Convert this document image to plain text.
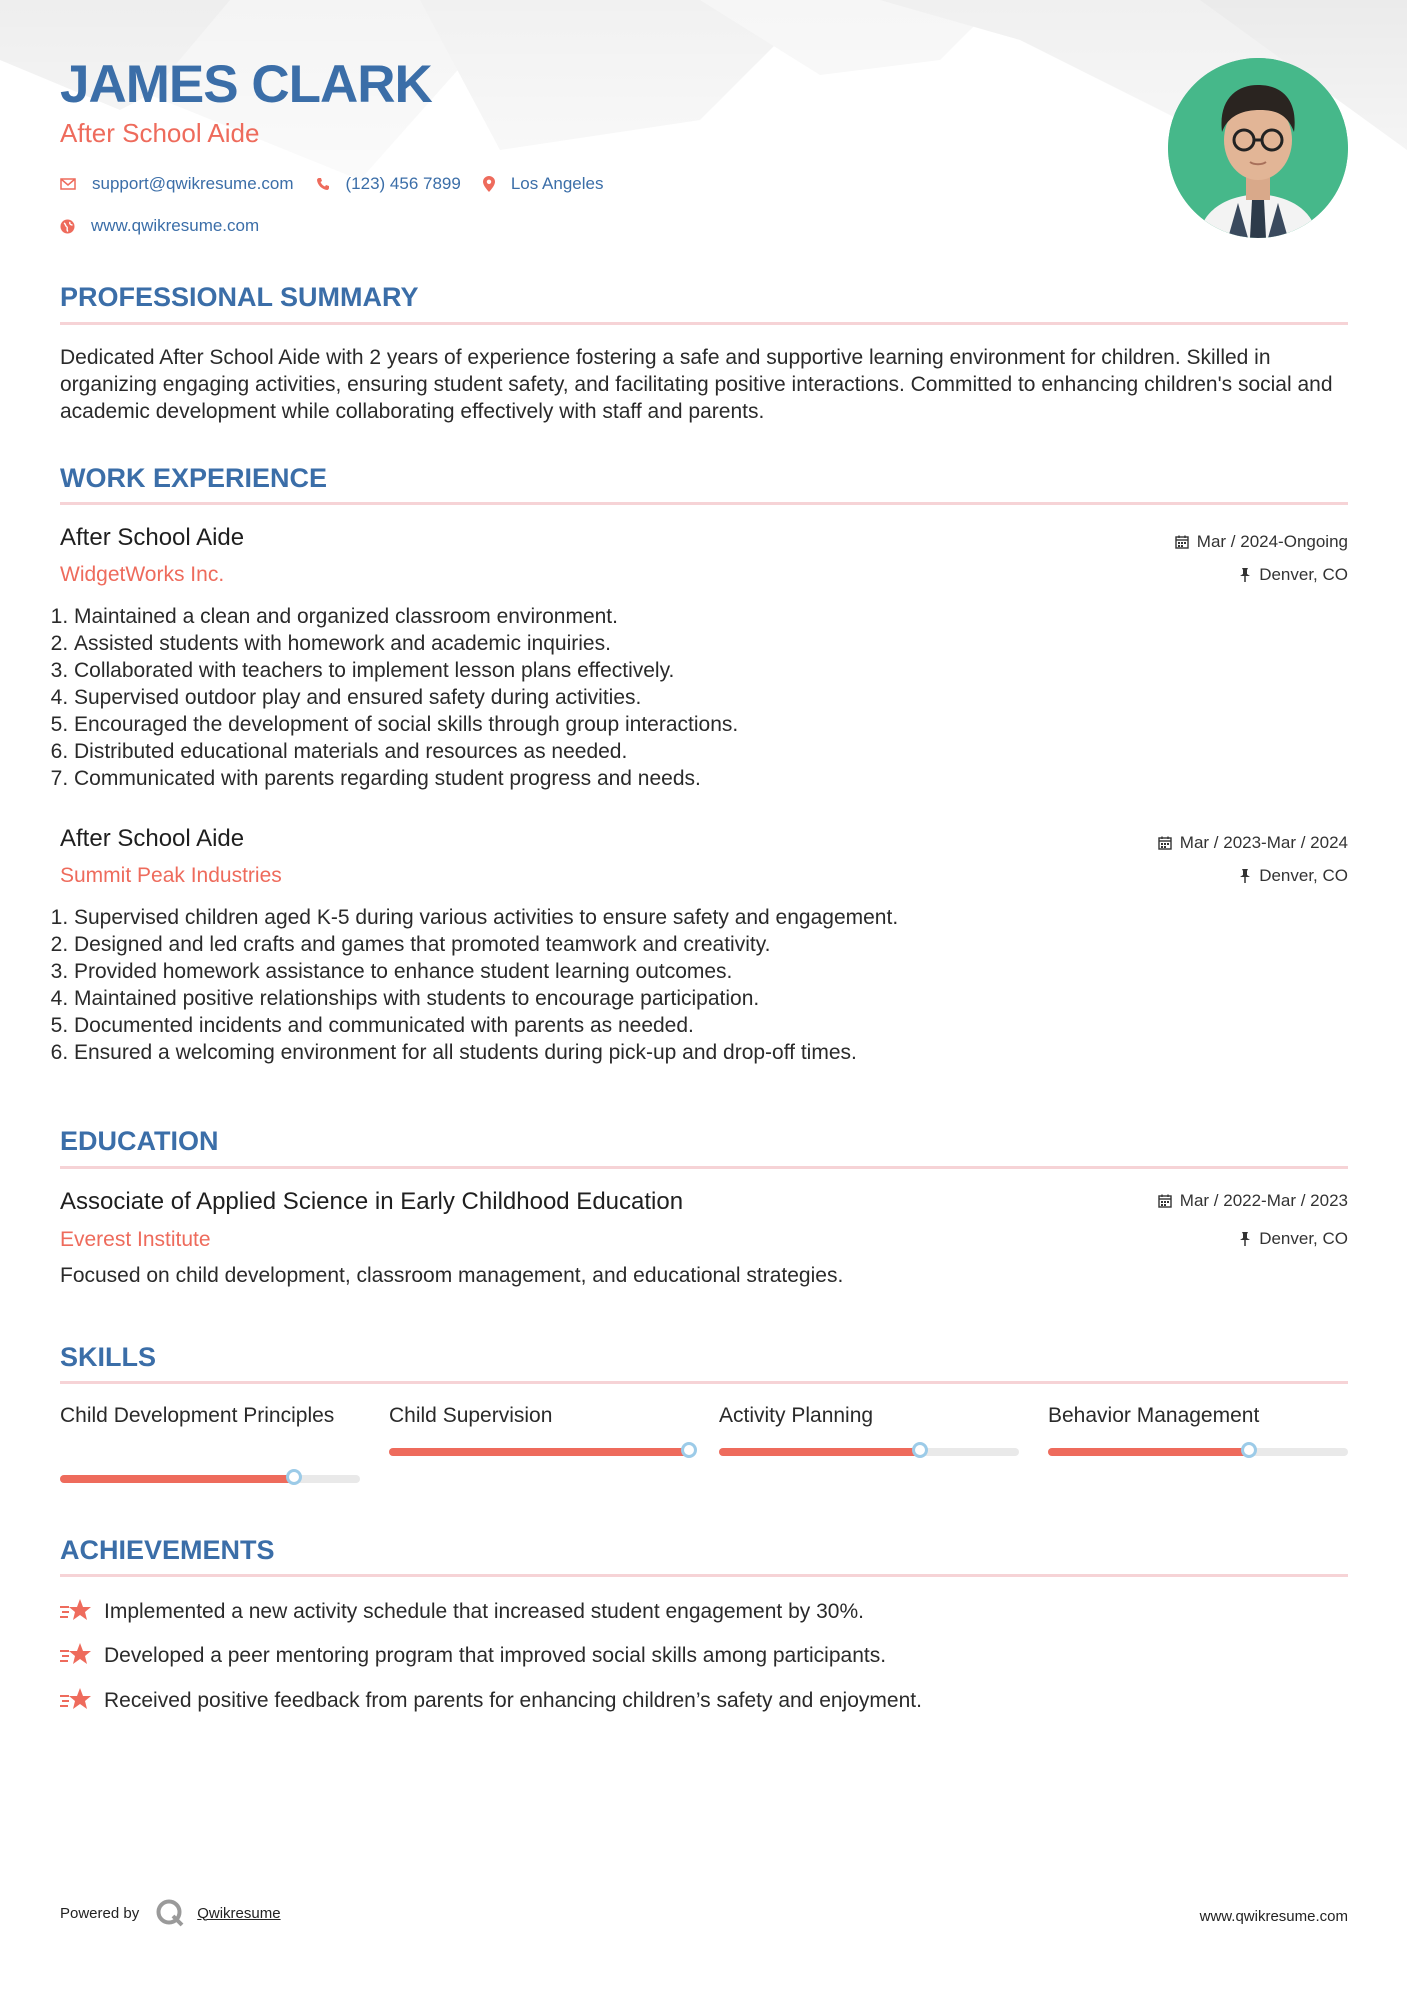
JAMES CLARK
After School Aide
support@qwikresume.com	(123) 456 7899	Los Angeles
www.qwikresume.com
PROFESSIONAL SUMMARY
Dedicated After School Aide with 2 years of experience fostering a safe and supportive learning environment for children. Skilled in organizing engaging activities, ensuring student safety, and facilitating positive interactions. Committed to enhancing children's social and academic development while collaborating effectively with staff and parents.
WORK EXPERIENCE
After School Aide
WidgetWorks Inc.
Mar / 2024-Ongoing
Denver, CO
1. Maintained a clean and organized classroom environment.
2. Assisted students with homework and academic inquiries.
3. Collaborated with teachers to implement lesson plans effectively.
4. Supervised outdoor play and ensured safety during activities.
5. Encouraged the development of social skills through group interactions.
6. Distributed educational materials and resources as needed.
7. Communicated with parents regarding student progress and needs.
After School Aide
Summit Peak Industries
Mar / 2023-Mar / 2024
Denver, CO
1. Supervised children aged K-5 during various activities to ensure safety and engagement.
2. Designed and led crafts and games that promoted teamwork and creativity.
3. Provided homework assistance to enhance student learning outcomes.
4. Maintained positive relationships with students to encourage participation.
5. Documented incidents and communicated with parents as needed.
6. Ensured a welcoming environment for all students during pick-up and drop-off times.
EDUCATION
Associate of Applied Science in Early Childhood Education
Everest Institute
Mar / 2022-Mar / 2023
Denver, CO
Focused on child development, classroom management, and educational strategies.
SKILLS
Child Development Principles	Child Supervision	Activity Planning	Behavior Management
ACHIEVEMENTS
Implemented a new activity schedule that increased student engagement by 30%.
Developed a peer mentoring program that improved social skills among participants.
Received positive feedback from parents for enhancing children’s safety and enjoyment.
Powered by	Qwikresume	www.qwikresume.com
